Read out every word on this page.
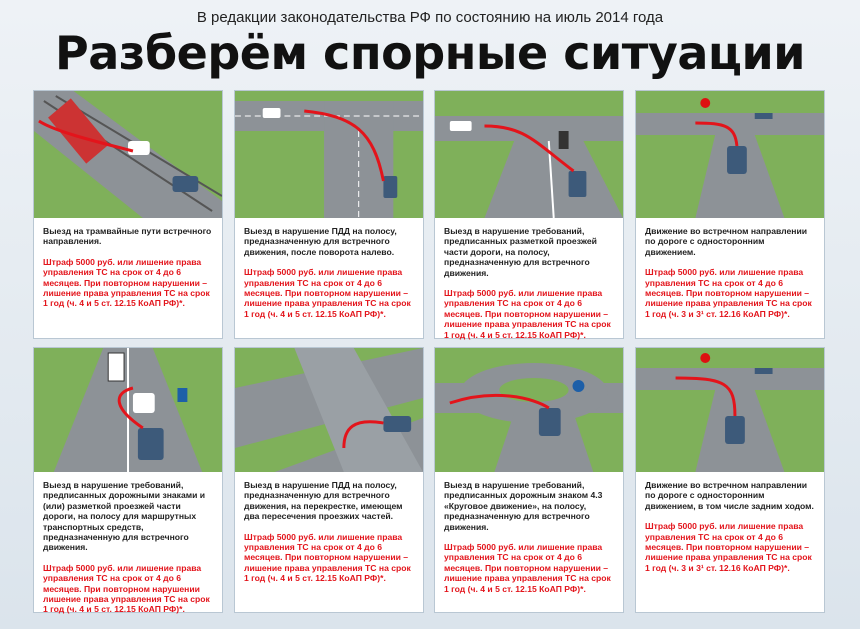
В редакции законодательства РФ по состоянию на июль 2014 года
Разберём спорные ситуации
Выезд на трамвайные пути встречного направления.
Штраф 5000 руб. или лишение права управления ТС на срок от 4 до 6 месяцев. При повторном нарушении – лишение права управления ТС на срок 1 год (ч. 4 и 5 ст. 12.15 КоАП РФ)*.
Выезд в нарушение ПДД на полосу, предназначенную для встречного движения, после поворота налево.
Штраф 5000 руб. или лишение права управления ТС на срок от 4 до 6 месяцев. При повторном нарушении – лишение права управления ТС на срок 1 год (ч. 4 и 5 ст. 12.15 КоАП РФ)*.
Выезд в нарушение требований, предписанных разметкой проезжей части дороги, на полосу, предназначенную для встречного движения.
Штраф 5000 руб. или лишение права управления ТС на срок от 4 до 6 месяцев. При повторном нарушении – лишение права управления ТС на срок 1 год (ч. 4 и 5 ст. 12.15 КоАП РФ)*.
Движение во встречном направлении по дороге с односторонним движением.
Штраф 5000 руб. или лишение права управления ТС на срок от 4 до 6 месяцев. При повторном нарушении – лишение права управления ТС на срок 1 год (ч. 3 и 3¹ ст. 12.16 КоАП РФ)*.
Выезд в нарушение требований, предписанных дорожными знаками и (или) разметкой проезжей части дороги, на полосу для маршрутных транспортных средств, предназначенную для встречного движения.
Штраф 5000 руб. или лишение права управления ТС на срок от 4 до 6 месяцев. При повторном нарушении лишение права управления ТС на срок 1 год (ч. 4 и 5 ст. 12.15 КоАП РФ)*.
Выезд в нарушение ПДД на полосу, предназначенную для встречного движения, на перекрестке, имеющем два пересечения проезжих частей.
Штраф 5000 руб. или лишение права управления ТС на срок от 4 до 6 месяцев. При повторном нарушении – лишение права управления ТС на срок 1 год (ч. 4 и 5 ст. 12.15 КоАП РФ)*.
Выезд в нарушение требований, предписанных дорожным знаком 4.3 «Круговое движение», на полосу, предназначенную для встречного движения.
Штраф 5000 руб. или лишение права управления ТС на срок от 4 до 6 месяцев. При повторном нарушении – лишение права управления ТС на срок 1 год (ч. 4 и 5 ст. 12.15 КоАП РФ)*.
Движение во встречном направлении по дороге с односторонним движением, в том числе задним ходом.
Штраф 5000 руб. или лишение права управления ТС на срок от 4 до 6 месяцев. При повторном нарушении – лишение права управления ТС на срок 1 год (ч. 3 и 3¹ ст. 12.16 КоАП РФ)*.
